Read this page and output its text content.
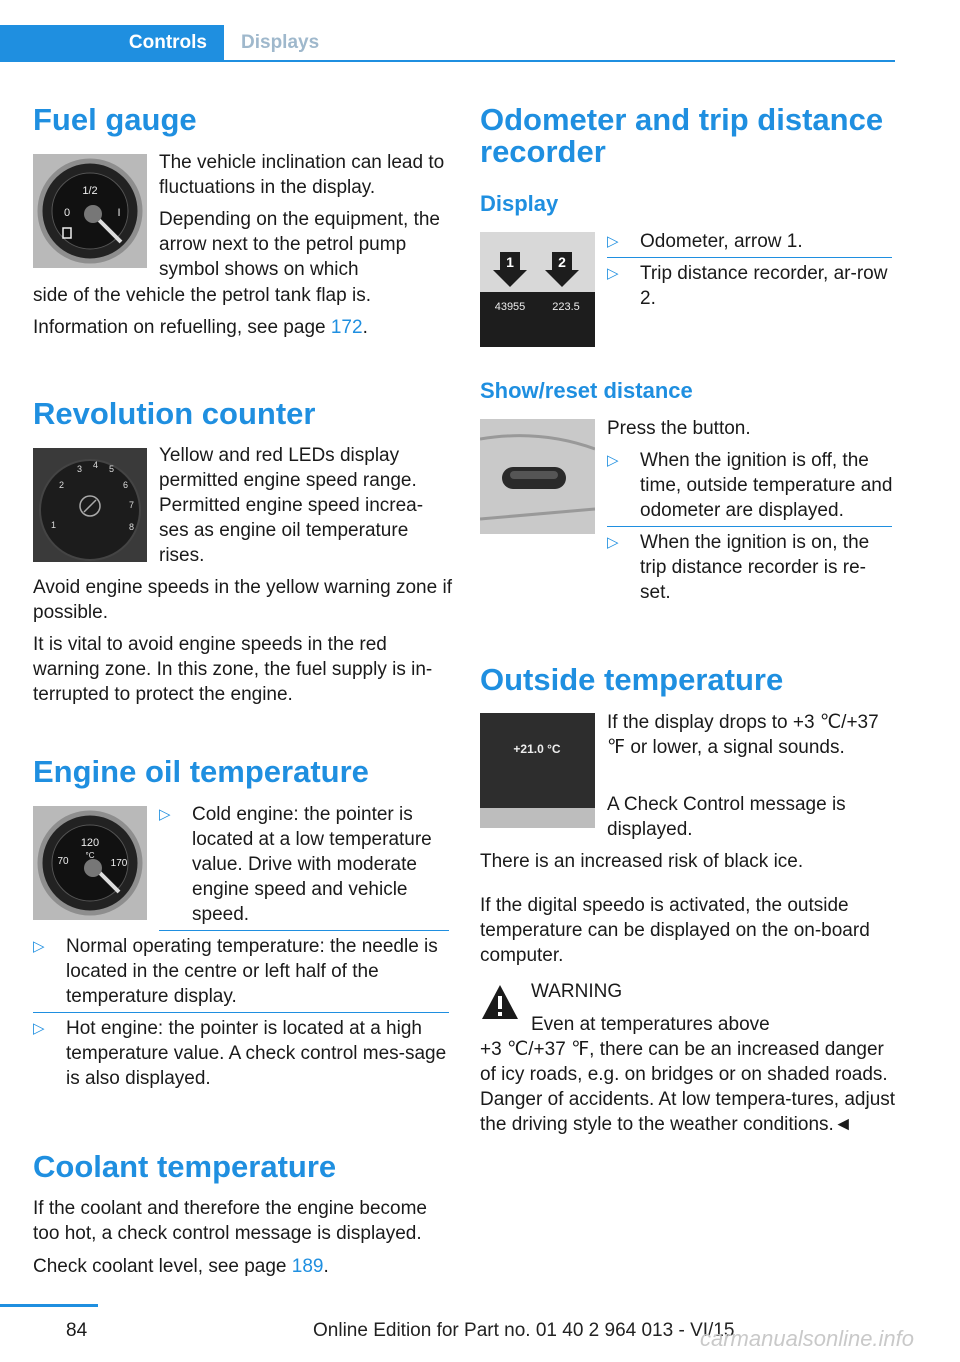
Controls	Displays
Fuel gauge
1/2
0	I

The vehicle inclination can lead to fluctuations in the display.

Depending on the equipment, the arrow next to the petrol pump symbol shows on which

side of the vehicle the petrol tank flap is.

Information on refuelling, see page 172.

Revolution counter
1
2
3 4 5
6
7
8

Yellow and red LEDs display permitted engine speed range. Permitted engine speed increa‐ses as engine oil temperature rises.

Avoid engine speeds in the yellow warning zone if possible.

It is vital to avoid engine speeds in the red warning zone. In this zone, the fuel supply is in‐terrupted to protect the engine.

Engine oil temperature
120
°C
70	170
▷ Cold engine: the pointer is located at a low temperature value. Drive with moderate engine speed and vehicle speed.
▷ Normal operating temperature: the needle is located in the centre or left half of the temperature display.
▷ Hot engine: the pointer is located at a high temperature value. A check control mes‐sage is also displayed.
Coolant temperature

If the coolant and therefore the engine become too hot, a check control message is displayed.

Check coolant level, see page 189.

Odometer and trip distance recorder
Display
1	2
43955 223.5
▷ Odometer, arrow 1.
▷ Trip distance recorder, ar‐row 2.
Show/reset distance

Press the button.

▷ When the ignition is off, the time, outside temperature and odometer are displayed.
▷ When the ignition is on, the trip distance recorder is re‐set.
Outside temperature
+21.0 °C

If the display drops to +3 ℃/+37 ℉ or lower, a signal sounds.

A Check Control message is displayed.

There is an increased risk of black ice.

If the digital speedo is activated, the outside temperature can be displayed on the on-board computer.

WARNING

Even at temperatures above

+3 ℃/+37 ℉, there can be an increased danger of icy roads, e.g. on bridges or on shaded roads. Danger of accidents. At low tempera‐tures, adjust the driving style to the weather conditions.◄

84	Online Edition for Part no. 01 40 2 964 013 - VI/15
carmanualsonline.info
